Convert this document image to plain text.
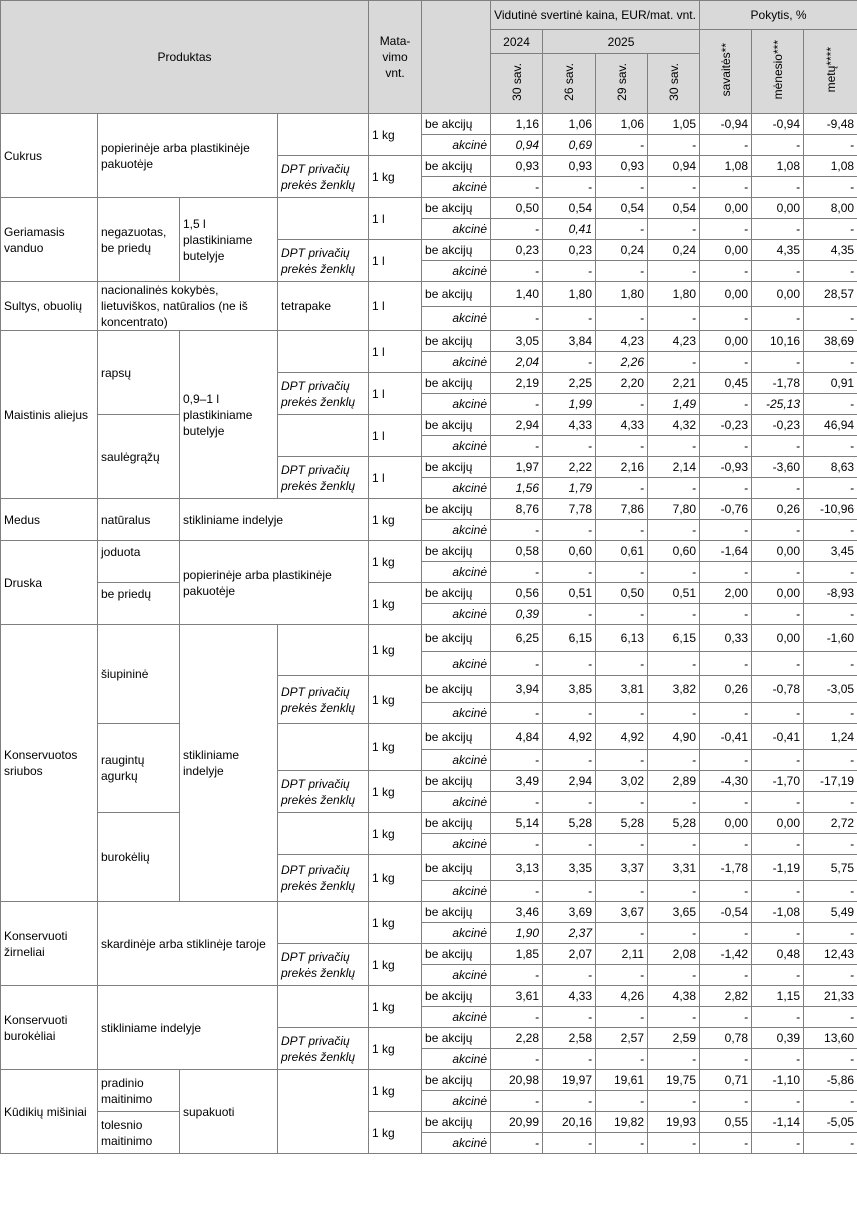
Produktas				Mata-vimo vnt.		Vidutinė svertinė kaina, EUR/mat. vnt.				Pokytis, %		
						2024	2025			savaitės**	mėnesio***	metų****
						30 sav.	26 sav.	29 sav.	30 sav.			
Cukrus	popierinėje arba plastikinėje pakuotėje			1 kg	be akcijų	1,16	1,06	1,06	1,05	-0,94	-0,94	-9,48
					akcinė	0,94	0,69	-	-	-	-	-
			DPT privačių prekės ženklų	1 kg	be akcijų	0,93	0,93	0,93	0,94	1,08	1,08	1,08
					akcinė	-	-	-	-	-	-	-
Geriamasis vanduo	negazuotas, be priedų	1,5 l plastikiniame butelyje		1 l	be akcijų	0,50	0,54	0,54	0,54	0,00	0,00	8,00
					akcinė	-	0,41	-	-	-	-	-
			DPT privačių prekės ženklų	1 l	be akcijų	0,23	0,23	0,24	0,24	0,00	4,35	4,35
					akcinė	-	-	-	-	-	-	-
Sultys, obuolių	nacionalinės kokybės, lietuviškos, natūralios (ne iš koncentrato)		tetrapake	1 l	be akcijų	1,40	1,80	1,80	1,80	0,00	0,00	28,57
					akcinė	-	-	-	-	-	-	-
Maistinis aliejus	rapsų	0,9–1 l plastikiniame butelyje		1 l	be akcijų	3,05	3,84	4,23	4,23	0,00	10,16	38,69
					akcinė	2,04	-	2,26	-	-	-	-
			DPT privačių prekės ženklų	1 l	be akcijų	2,19	2,25	2,20	2,21	0,45	-1,78	0,91
					akcinė	-	1,99	-	1,49	-	-25,13	-
	saulėgrąžų			1 l	be akcijų	2,94	4,33	4,33	4,32	-0,23	-0,23	46,94
					akcinė	-	-	-	-	-	-	-
			DPT privačių prekės ženklų	1 l	be akcijų	1,97	2,22	2,16	2,14	-0,93	-3,60	8,63
					akcinė	1,56	1,79	-	-	-	-	-
Medus	natūralus	stikliniame indelyje		1 kg	be akcijų	8,76	7,78	7,86	7,80	-0,76	0,26	-10,96
					akcinė	-	-	-	-	-	-	-
Druska	joduota	popierinėje arba plastikinėje pakuotėje		1 kg	be akcijų	0,58	0,60	0,61	0,60	-1,64	0,00	3,45
					akcinė	-	-	-	-	-	-	-
	be priedų			1 kg	be akcijų	0,56	0,51	0,50	0,51	2,00	0,00	-8,93
					akcinė	0,39	-	-	-	-	-	-
Konservuotos sriubos	šiupininė	stikliniame indelyje		1 kg	be akcijų	6,25	6,15	6,13	6,15	0,33	0,00	-1,60
					akcinė	-	-	-	-	-	-	-
			DPT privačių prekės ženklų	1 kg	be akcijų	3,94	3,85	3,81	3,82	0,26	-0,78	-3,05
					akcinė	-	-	-	-	-	-	-
	raugintų agurkų			1 kg	be akcijų	4,84	4,92	4,92	4,90	-0,41	-0,41	1,24
					akcinė	-	-	-	-	-	-	-
			DPT privačių prekės ženklų	1 kg	be akcijų	3,49	2,94	3,02	2,89	-4,30	-1,70	-17,19
					akcinė	-	-	-	-	-	-	-
	burokėlių			1 kg	be akcijų	5,14	5,28	5,28	5,28	0,00	0,00	2,72
					akcinė	-	-	-	-	-	-	-
			DPT privačių prekės ženklų	1 kg	be akcijų	3,13	3,35	3,37	3,31	-1,78	-1,19	5,75
					akcinė	-	-	-	-	-	-	-
Konservuoti žirneliai	skardinėje arba stiklinėje taroje			1 kg	be akcijų	3,46	3,69	3,67	3,65	-0,54	-1,08	5,49
					akcinė	1,90	2,37	-	-	-	-	-
			DPT privačių prekės ženklų	1 kg	be akcijų	1,85	2,07	2,11	2,08	-1,42	0,48	12,43
					akcinė	-	-	-	-	-	-	-
Konservuoti burokėliai	stikliniame indelyje			1 kg	be akcijų	3,61	4,33	4,26	4,38	2,82	1,15	21,33
					akcinė	-	-	-	-	-	-	-
			DPT privačių prekės ženklų	1 kg	be akcijų	2,28	2,58	2,57	2,59	0,78	0,39	13,60
					akcinė	-	-	-	-	-	-	-
Kūdikių mišiniai	pradinio maitinimo	supakuoti		1 kg	be akcijų	20,98	19,97	19,61	19,75	0,71	-1,10	-5,86
					akcinė	-	-	-	-	-	-	-
	tolesnio maitinimo			1 kg	be akcijų	20,99	20,16	19,82	19,93	0,55	-1,14	-5,05
					akcinė	-	-	-	-	-	-	-
